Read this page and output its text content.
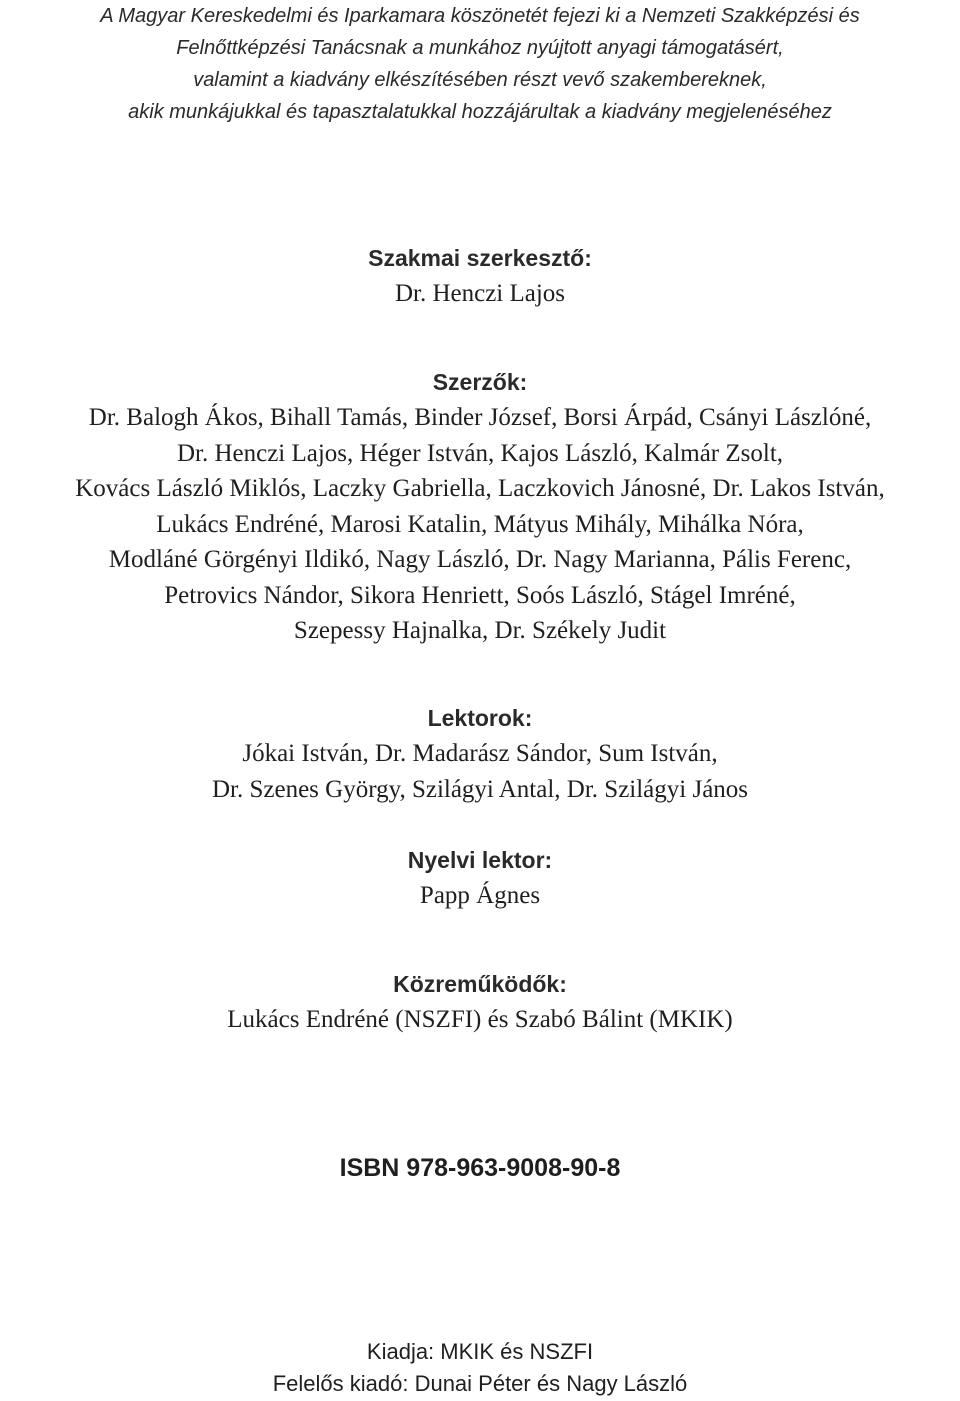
A Magyar Kereskedelmi és Iparkamara köszönetét fejezi ki a Nemzeti Szakképzési és
Felnőttképzési Tanácsnak a munkához nyújtott anyagi támogatásért,
valamint a kiadvány elkészítésében részt vevő szakembereknek,
akik munkájukkal és tapasztalatukkal hozzájárultak a kiadvány megjelenéséhez
Szakmai szerkesztő:
Dr. Henczi Lajos
Szerzők:
Dr. Balogh Ákos, Bihall Tamás, Binder József, Borsi Árpád, Csányi Lászlóné,
Dr. Henczi Lajos, Héger István, Kajos László, Kalmár Zsolt,
Kovács László Miklós, Laczky Gabriella, Laczkovich Jánosné, Dr. Lakos István,
Lukács Endréné, Marosi Katalin, Mátyus Mihály, Mihálka Nóra,
Modláné Görgényi Ildikó, Nagy László, Dr. Nagy Marianna, Pális Ferenc,
Petrovics Nándor, Sikora Henriett, Soós László, Stágel Imréné,
Szepessy Hajnalka, Dr. Székely Judit
Lektorok:
Jókai István, Dr. Madarász Sándor, Sum István,
Dr. Szenes György, Szilágyi Antal, Dr. Szilágyi János
Nyelvi lektor:
Papp Ágnes
Közreműködők:
Lukács Endréné (NSZFI) és Szabó Bálint (MKIK)
ISBN 978-963-9008-90-8
Kiadja: MKIK és NSZFI
Felelős kiadó: Dunai Péter és Nagy László
